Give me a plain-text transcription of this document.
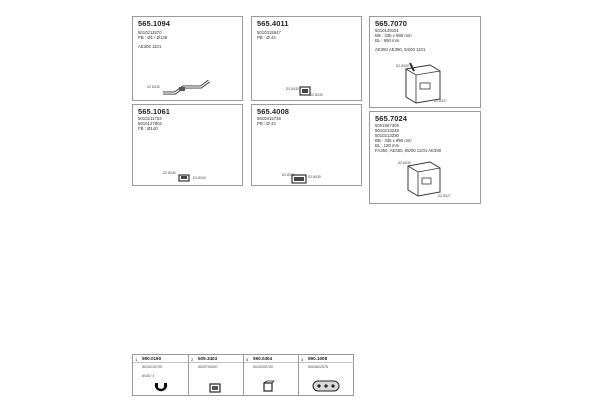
565.1094
5010211570
PB : Ø1 / Ø148
AE300 1101
D2 Ø130
565.4011
5010315647
PB : Ø 43
D2 Ø130
D2 Ø130
565.7070
5010149151
BB : 335 x 990 mm
BL : 990 mm
AE350 AE390, 94/00 1101
D2 Ø130
D2 Ø127
565.1061
5010211753
5010127802
FB : Ø140
D2 Ø130
D2 Ø140
565.4008
5010315738
PB : Ø 43
D2 Ø130	D2 Ø130
565.7024
5001967309
5010213249
5010213230
BB : 335 x 990 mm
BL : 180 mm
FA350, AE350, 85/00 11/01 AE390
D2 Ø130
D2 Ø127
1 590.0160
5010215709
Ø148 / 4
2 509.3403
5000794007
3 590.0404
5010200700
4 590.1008
5004822578
